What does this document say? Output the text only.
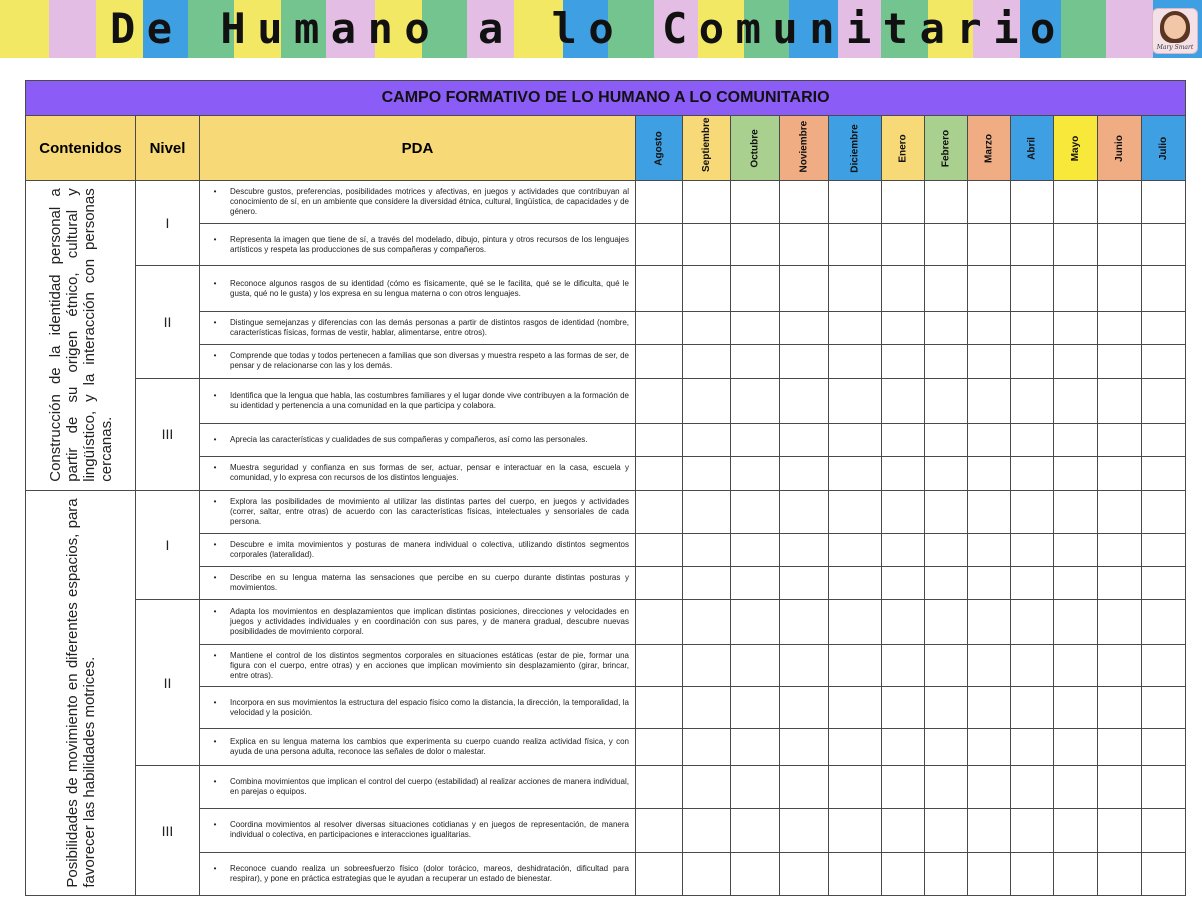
D e H u m a n o a l o C o m u n i t a r i o	Mary Smart
CAMPO FORMATIVO DE LO HUMANO A LO COMUNITARIO														
Contenidos	Nivel	PDA	Agosto	Septiembre	Octubre	Noviembre	Diciembre	Enero	Febrero	Marzo	Abril	Mayo	Junio	Julio

Construcción de la identidad personal a partir de su origen étnico, cultural y lingüístico, y la interacción con personas cercanas.	I	• Descubre gustos, preferencias, posibilidades motrices y afectivas, en juegos y actividades que contribuyan al conocimiento de sí, en un ambiente que considere la diversidad étnica, cultural, lingüística, de capacidades y de género.												

		• Representa la imagen que tiene de sí, a través del modelado, dibujo, pintura y otros recursos de los lenguajes artísticos y respeta las producciones de sus compañeras y compañeros.												

	II	• Reconoce algunos rasgos de su identidad (cómo es físicamente, qué se le facilita, qué se le dificulta, qué le gusta, qué no le gusta) y los expresa en su lengua materna o con otros lenguajes.												

		• Distingue semejanzas y diferencias con las demás personas a partir de distintos rasgos de identidad (nombre, características físicas, formas de vestir, hablar, alimentarse, entre otros).												

		• Comprende que todas y todos pertenecen a familias que son diversas y muestra respeto a las formas de ser, de pensar y de relacionarse con las y los demás.												

	III	• Identifica que la lengua que habla, las costumbres familiares y el lugar donde vive contribuyen a la formación de su identidad y pertenencia a una comunidad en la que participa y colabora.												

		• Aprecia las características y cualidades de sus compañeras y compañeros, así como las personales.												

		• Muestra seguridad y confianza en sus formas de ser, actuar, pensar e interactuar en la casa, escuela y comunidad, y lo expresa con recursos de los distintos lenguajes.												

Posibilidades de movimiento en diferentes espacios, para favorecer las habilidades motrices.	I	• Explora las posibilidades de movimiento al utilizar las distintas partes del cuerpo, en juegos y actividades (correr, saltar, entre otras) de acuerdo con las características físicas, intelectuales y sensoriales de cada persona.												

		• Descubre e imita movimientos y posturas de manera individual o colectiva, utilizando distintos segmentos corporales (lateralidad).												

		• Describe en su lengua materna las sensaciones que percibe en su cuerpo durante distintas posturas y movimientos.												

	II	• Adapta los movimientos en desplazamientos que implican distintas posiciones, direcciones y velocidades en juegos y actividades individuales y en coordinación con sus pares, y de manera gradual, descubre nuevas posibilidades de movimiento corporal.												

		• Mantiene el control de los distintos segmentos corporales en situaciones estáticas (estar de pie, formar una figura con el cuerpo, entre otras) y en acciones que implican movimiento sin desplazamiento (girar, brincar, entre otras).												

		• Incorpora en sus movimientos la estructura del espacio físico como la distancia, la dirección, la temporalidad, la velocidad y la posición.												

		• Explica en su lengua materna los cambios que experimenta su cuerpo cuando realiza actividad física, y con ayuda de una persona adulta, reconoce las señales de dolor o malestar.												

	III	• Combina movimientos que implican el control del cuerpo (estabilidad) al realizar acciones de manera individual, en parejas o equipos.												

		• Coordina movimientos al resolver diversas situaciones cotidianas y en juegos de representación, de manera individual o colectiva, en participaciones e interacciones igualitarias.												

		• Reconoce cuando realiza un sobreesfuerzo físico (dolor torácico, mareos, deshidratación, dificultad para respirar), y pone en práctica estrategias que le ayudan a recuperar un estado de bienestar.												
